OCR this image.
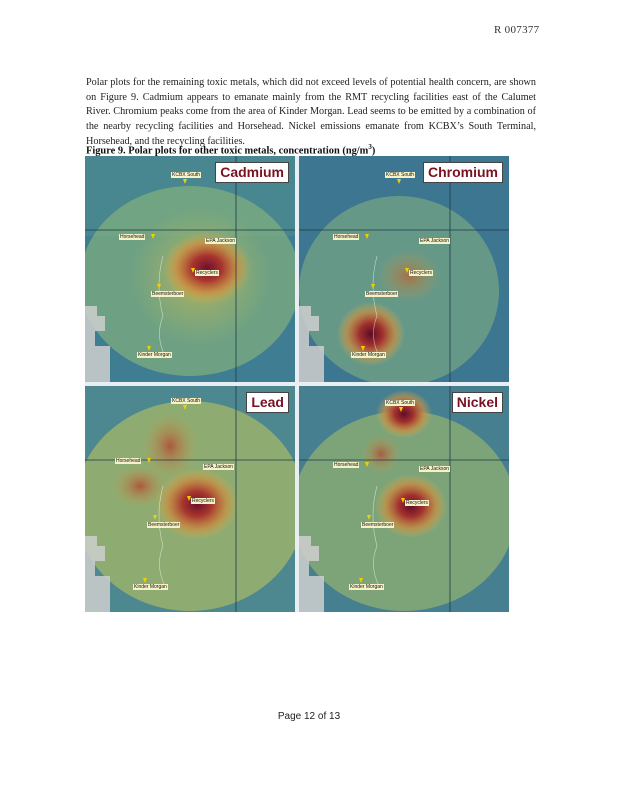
R 007377

Polar plots for the remaining toxic metals, which did not exceed levels of potential health concern, are shown on Figure 9. Cadmium appears to emanate mainly from the RMT recycling facilities east of the Calumet River. Chromium peaks come from the area of Kinder Morgan. Lead seems to be emitted by a combination of the nearby recycling facilities and Horsehead. Nickel emissions emanate from KCBX’s South Terminal, Horsehead, and the recycling facilities.

Figure 9. Polar plots for other toxic metals, concentration $(ng/m^3)$
Cadmium
KCBX South
Horsehead
EPA Jackson
Recyclers
Beemsterboer
Kinder Morgan
Chromium
KCBX South
Horsehead
EPA Jackson
Recyclers
Beemsterboer
Kinder Morgan
Lead
KCBX South
Horsehead
EPA Jackson
Recyclers
Beemsterboer
Kinder Morgan
Nickel
KCBX South
Horsehead
EPA Jackson
Recyclers
Beemsterboer
Kinder Morgan
Page 12 of 13
